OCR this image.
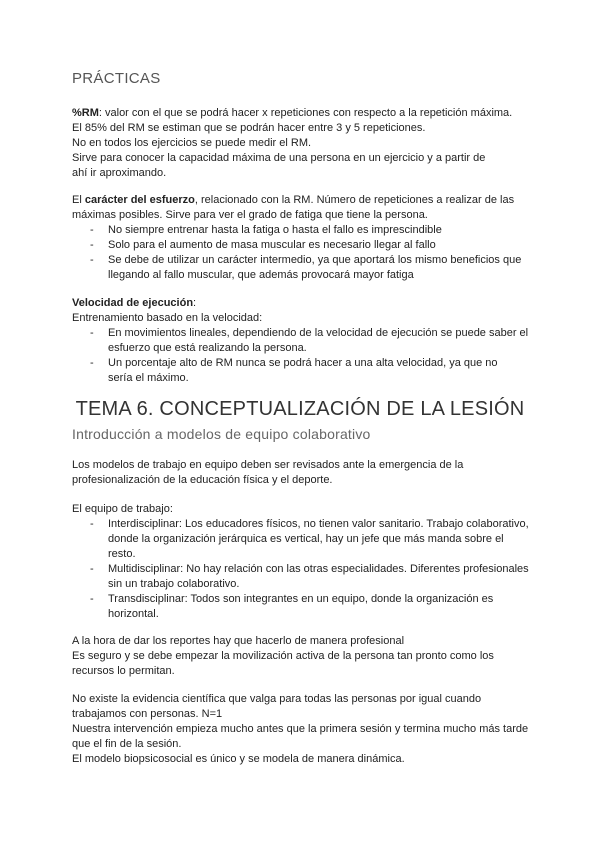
PRÁCTICAS

%RM: valor con el que se podrá hacer x repeticiones con respecto a la repetición máxima.

El 85% del RM se estiman que se podrán hacer entre 3 y 5 repeticiones.

No en todos los ejercicios se puede medir el RM.

Sirve para conocer la capacidad máxima de una persona en un ejercicio y a partir de ahí ir aproximando.

El carácter del esfuerzo, relacionado con la RM. Número de repeticiones a realizar de las máximas posibles. Sirve para ver el grado de fatiga que tiene la persona.

- No siempre entrenar hasta la fatiga o hasta el fallo es imprescindible
- Solo para el aumento de masa muscular es necesario llegar al fallo
- Se debe de utilizar un carácter intermedio, ya que aportará los mismo beneficios que llegando al fallo muscular, que además provocará mayor fatiga

Velocidad de ejecución:

Entrenamiento basado en la velocidad:

- En movimientos lineales, dependiendo de la velocidad de ejecución se puede saber el esfuerzo que está realizando la persona.
- Un porcentaje alto de RM nunca se podrá hacer a una alta velocidad, ya que no sería el máximo.
TEMA 6. CONCEPTUALIZACIÓN DE LA LESIÓN
Introducción a modelos de equipo colaborativo

Los modelos de trabajo en equipo deben ser revisados ante la emergencia de la profesionalización de la educación física y el deporte.

El equipo de trabajo:

- Interdisciplinar: Los educadores físicos, no tienen valor sanitario. Trabajo colaborativo, donde la organización jerárquica es vertical, hay un jefe que más manda sobre el resto.
- Multidisciplinar: No hay relación con las otras especialidades. Diferentes profesionales sin un trabajo colaborativo.
- Transdisciplinar: Todos son integrantes en un equipo, donde la organización es horizontal.

A la hora de dar los reportes hay que hacerlo de manera profesional

Es seguro y se debe empezar la movilización activa de la persona tan pronto como los recursos lo permitan.

No existe la evidencia científica que valga para todas las personas por igual cuando trabajamos con personas. N=1

Nuestra intervención empieza mucho antes que la primera sesión y termina mucho más tarde que el fin de la sesión.

El modelo biopsicosocial es único y se modela de manera dinámica.
